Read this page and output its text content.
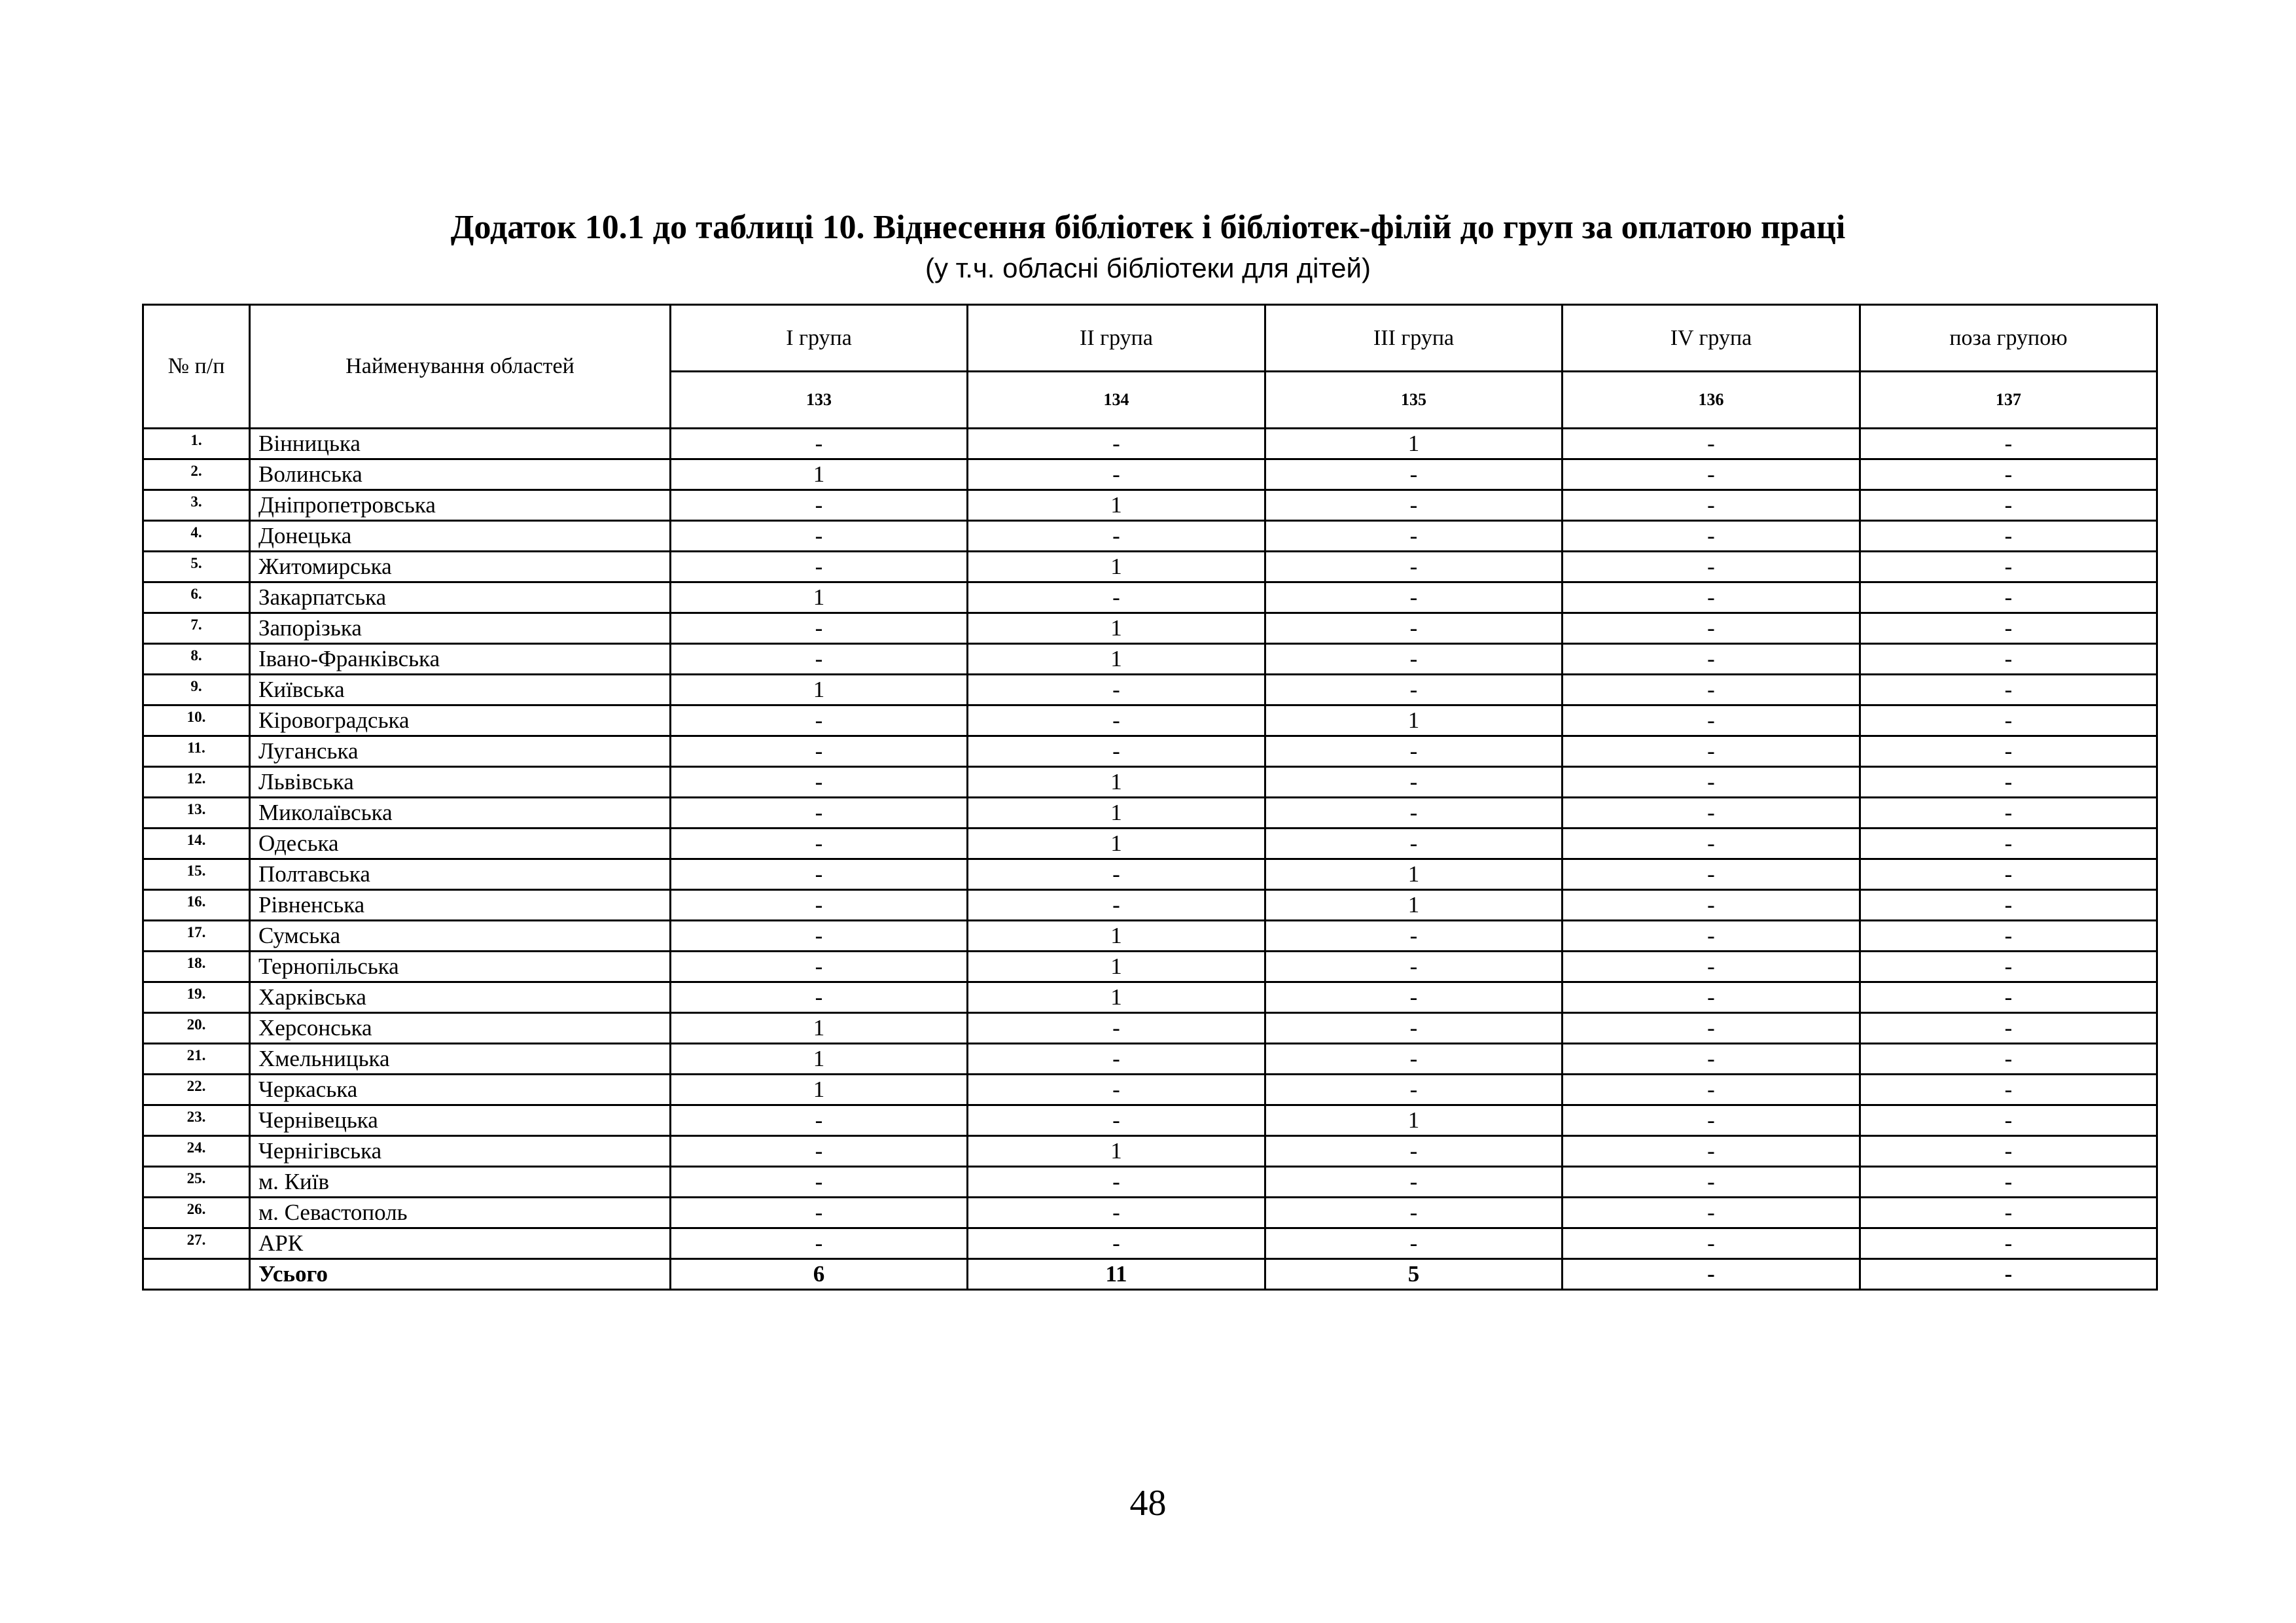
Додаток 10.1 до таблиці 10. Віднесення бібліотек і бібліотек-філій до груп за оплатою праці
(у т.ч. обласні бібліотеки для дітей)
№ п/п	Найменування областей	І група	ІІ група	ІІІ група	IV група	поза групою
		133	134	135	136	137
1.	Вінницька	-	-	1	-	-
2.	Волинська	1	-	-	-	-
3.	Дніпропетровська	-	1	-	-	-
4.	Донецька	-	-	-	-	-
5.	Житомирська	-	1	-	-	-
6.	Закарпатська	1	-	-	-	-
7.	Запорізька	-	1	-	-	-
8.	Івано-Франківська	-	1	-	-	-
9.	Київська	1	-	-	-	-
10.	Кіровоградська	-	-	1	-	-
11.	Луганська	-	-	-	-	-
12.	Львівська	-	1	-	-	-
13.	Миколаївська	-	1	-	-	-
14.	Одеська	-	1	-	-	-
15.	Полтавська	-	-	1	-	-
16.	Рівненська	-	-	1	-	-
17.	Сумська	-	1	-	-	-
18.	Тернопільська	-	1	-	-	-
19.	Харківська	-	1	-	-	-
20.	Херсонська	1	-	-	-	-
21.	Хмельницька	1	-	-	-	-
22.	Черкаська	1	-	-	-	-
23.	Чернівецька	-	-	1	-	-
24.	Чернігівська	-	1	-	-	-
25.	м. Київ	-	-	-	-	-
26.	м. Севастополь	-	-	-	-	-
27.	АРК	-	-	-	-	-
	Усього	6	11	5	-	-
48
